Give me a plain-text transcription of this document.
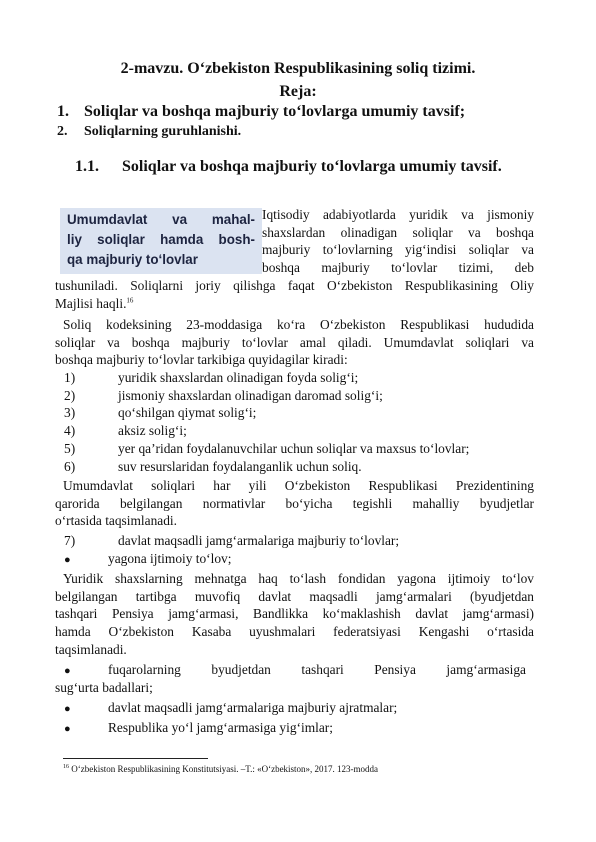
2-mavzu. O‘zbekiston Respublikasining soliq tizimi.
Reja:
1. Soliqlar va boshqa majburiy to‘lovlarga umumiy tavsif;
2. Soliqlarning guruhlanishi.
1.1. Soliqlar va boshqa majburiy to‘lovlarga umumiy tavsif.
Umumdavlat va mahal-
liy soliqlar hamda bosh-
qa majburiy to‘lovlar
Iqtisodiy adabiyotlarda yuridik va jismoniy
shaxslardan olinadigan soliqlar va boshqa
majburiy to‘lovlarning yig‘indisi soliqlar va
boshqa majburiy to‘lovlar tizimi, deb
tushuniladi. Soliqlarni joriy qilishga faqat O‘zbekiston Respublikasining Oliy
Majlisi haqli.$^{16}$
Soliq kodeksining 23-moddasiga ko‘ra O‘zbekiston Respublikasi hududida
soliqlar va boshqa majburiy to‘lovlar amal qiladi. Umumdavlat soliqlari va
boshqa majburiy to‘lovlar tarkibiga quyidagilar kiradi:
1)	yuridik shaxslardan olinadigan foyda solig‘i;
2)	jismoniy shaxslardan olinadigan daromad solig‘i;
3)	qo‘shilgan qiymat solig‘i;
4)	aksiz solig‘i;
5)	yer qa’ridan foydalanuvchilar uchun soliqlar va maxsus to‘lovlar;
6)	suv resurslaridan foydalanganlik uchun soliq.
Umumdavlat soliqlari har yili O‘zbekiston Respublikasi Prezidentining
qarorida belgilangan normativlar bo‘yicha tegishli mahalliy byudjetlar
o‘rtasida taqsimlanadi.
7)	davlat maqsadli jamg‘armalariga majburiy to‘lovlar;
●	yagona ijtimoiy to‘lov;
Yuridik shaxslarning mehnatga haq to‘lash fondidan yagona ijtimoiy to‘lov
belgilangan tartibga muvofiq davlat maqsadli jamg‘armalari (byudjetdan
tashqari Pensiya jamg‘armasi, Bandlikka ko‘maklashish davlat jamg‘armasi)
hamda O‘zbekiston Kasaba uyushmalari federatsiyasi Kengashi o‘rtasida
taqsimlanadi.
●	fuqarolarning byudjetdan tashqari Pensiya jamg‘armasiga
sug‘urta badallari;
●	davlat maqsadli jamg‘armalariga majburiy ajratmalar;
●	Respublika yo‘l jamg‘armasiga yig‘imlar;
$^{16}$ O‘zbekiston Respublikasining Konstitutsiyasi. –T.: «O‘zbekiston», 2017. 123-modda
